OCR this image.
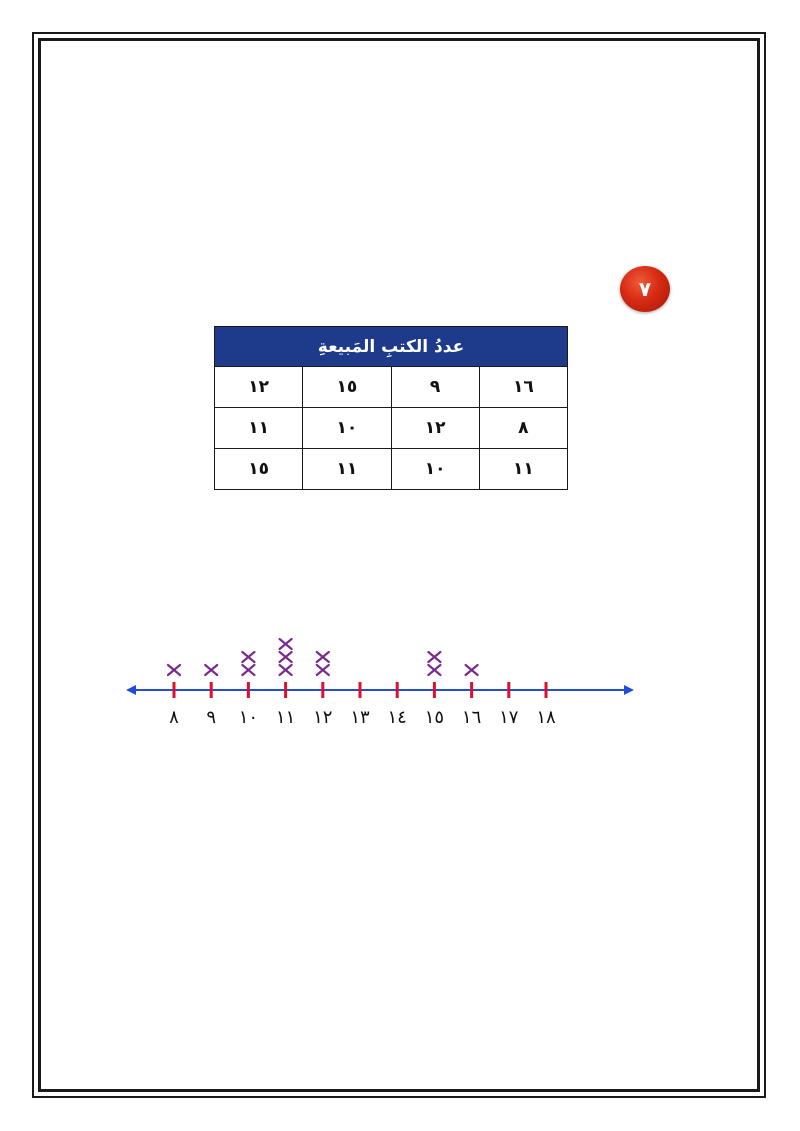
٧
عددُ الكتبِ المَبيعةِ
١٢	١٥	٩	١٦
١١	١٠	١٢	٨
١٥	١١	١٠	١١
٨ ٩ ١٠ ١١ ١٢ ١٣ ١٤ ١٥ ١٦ ١٧ ١٨
